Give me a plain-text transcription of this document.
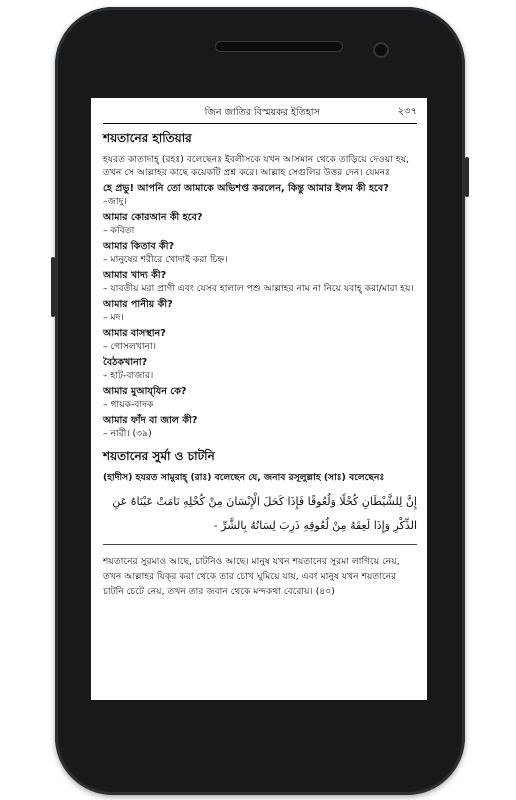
জিন জাতির বিস্ময়কর ইতিহাস	২৩৭
শয়তানের হাতিয়ার

হযরত কাতাদাহ্‌ (রহঃ) বলেছেনঃ ইবলীসকে যখন আসমান থেকে তাড়িয়ে দেওয়া হয়, তখন সে আল্লাহর কাছে কয়েকটি প্রশ্ন করে। আল্লাহ সেগুলির উত্তর দেন। যেমনঃ

হে প্রভু! আপনি তো আমাকে অভিশপ্ত করলেন, কিন্তু আমার ইলম কী হবে?
–জাদু।
আমার কোরআন কী হবে?
– কবিতা
আমার কিতাব কী?
– মানুষের শরীরে খোদাই করা চিহ্ন।
আমার খাদ্য কী?
– যাবতীয় মরা প্রাণী এবং যেসব হালাল পশু আল্লাহর নাম না নিয়ে যবাহ্‌ করা/মারা হয়।
আমার পানীয় কী?
– মদ।
আমার বাসস্থান?
– গোসলখানা।
বৈঠকখানা?
– হাট-বাজার।
আমার মুআয্‌যিন কে?
– গায়ক-বাদক
আমার ফাঁদ বা জাল কী?
– নারী। (৩৯)
শয়তানের সুর্মা ও চাটনি

(হাদীস) হযরত সামুরাহ্‌ (রাঃ) বলেছেন যে, জনাব রসূলুল্লাহ (সাঃ) বলেছেনঃ

إِنَّ لِلشَّيْطَانِ كُحْلًا وَلُعُوقًا فَإِذَا كَحَلَ الْإِنْسَانَ مِنْ كُحْلِهِ نَامَتْ عَيْنَاهُ عَنِ الذِّكْرِ وَإِذَا لَعِقَهُ مِنْ لُعُوقِهِ ذَرِبَ لِسَانُهُ بِالشَّرِّ -

শয়তানের সুরমাও আছে, চাটনিও আছে। মানুষ যখন শয়তানের সুরমা লাগিয়ে নেয়, তখন আল্লাহর যিক্‌র করা থেকে তার চোখ ঘুমিয়ে যায়, এবং মানুষ যখন শয়তানের চাটনি চেটে নেয়, তখন তার জবান থেকে মন্দকথা বেরোয়। (৪০)
